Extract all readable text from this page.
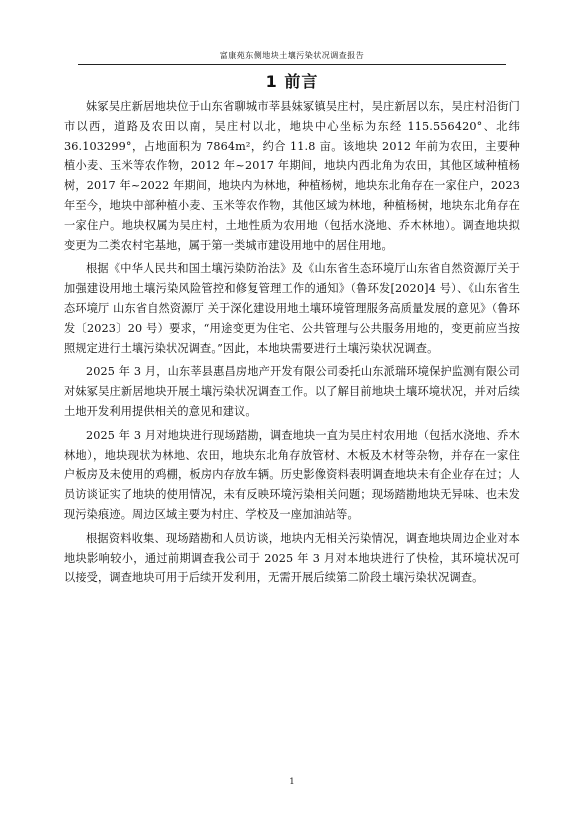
富康苑东侧地块土壤污染状况调查报告
1 前言

妹冢吴庄新居地块位于山东省聊城市莘县妹冢镇吴庄村，吴庄新居以东，吴庄村沿街门市以西，道路及农田以南，吴庄村以北，地块中心坐标为东经 115.556420°、北纬 36.103299°，占地面积为 7864m²，约合 11.8 亩。该地块 2012 年前为农田，主要种植小麦、玉米等农作物，2012 年~2017 年期间，地块内西北角为农田，其他区域种植杨树，2017 年~2022 年期间，地块内为林地，种植杨树，地块东北角存在一家住户，2023 年至今，地块中部种植小麦、玉米等农作物，其他区域为林地，种植杨树，地块东北角存在一家住户。地块权属为吴庄村，土地性质为农用地（包括水浇地、乔木林地）。调查地块拟变更为二类农村宅基地，属于第一类城市建设用地中的居住用地。

根据《中华人民共和国土壤污染防治法》及《山东省生态环境厅山东省自然资源厅关于加强建设用地土壤污染风险管控和修复管理工作的通知》（鲁环发[2020]4 号）、《山东省生态环境厅 山东省自然资源厅 关于深化建设用地土壤环境管理服务高质量发展的意见》（鲁环发〔2023〕20 号）要求，“用途变更为住宅、公共管理与公共服务用地的，变更前应当按照规定进行土壤污染状况调查。”因此，本地块需要进行土壤污染状况调查。

2025 年 3 月，山东莘县惠昌房地产开发有限公司委托山东派瑞环境保护监测有限公司对妹冢吴庄新居地块开展土壤污染状况调查工作。以了解目前地块土壤环境状况，并对后续土地开发利用提供相关的意见和建议。

2025 年 3 月对地块进行现场踏勘，调查地块一直为吴庄村农用地（包括水浇地、乔木林地），地块现状为林地、农田，地块东北角存放管材、木板及木材等杂物，并存在一家住户板房及未使用的鸡棚，板房内存放车辆。历史影像资料表明调查地块未有企业存在过；人员访谈证实了地块的使用情况，未有反映环境污染相关问题；现场踏勘地块无异味、也未发现污染痕迹。周边区域主要为村庄、学校及一座加油站等。

根据资料收集、现场踏勘和人员访谈，地块内无相关污染情况，调查地块周边企业对本地块影响较小，通过前期调查我公司于 2025 年 3 月对本地块进行了快检，其环境状况可以接受，调查地块可用于后续开发利用，无需开展后续第二阶段土壤污染状况调查。

1
